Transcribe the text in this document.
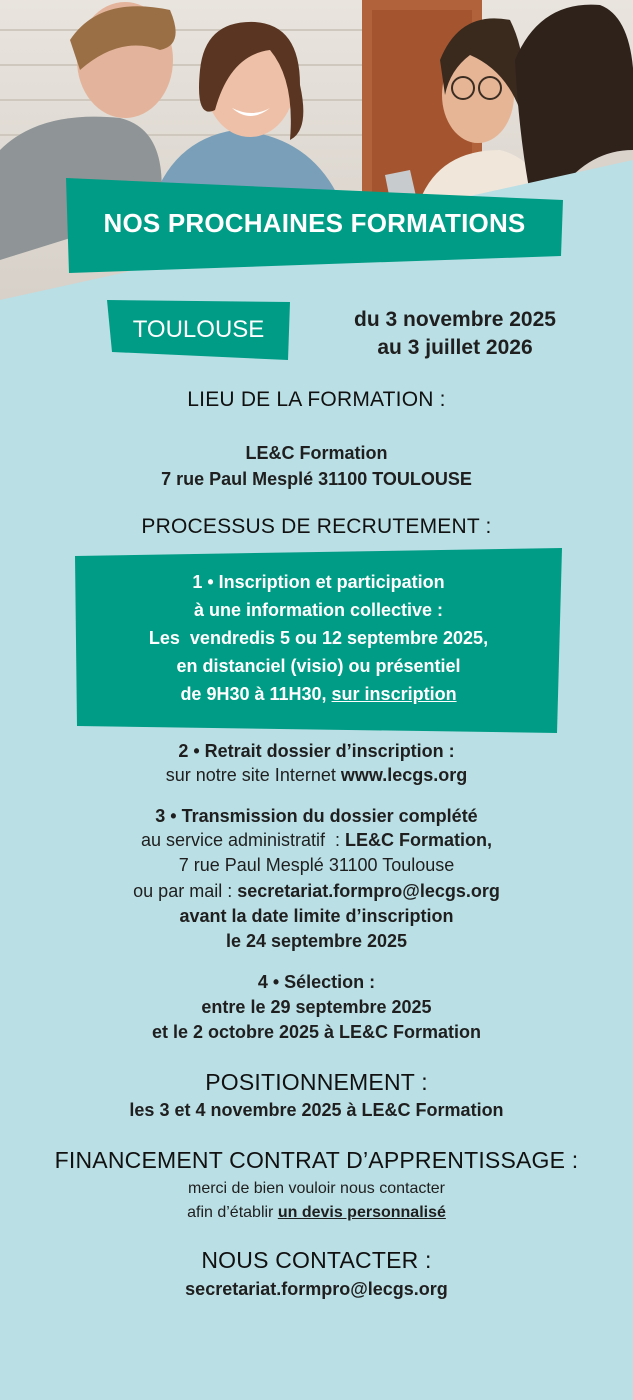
NOS PROCHAINES FORMATIONS
TOULOUSE	du 3 novembre 2025
au 3 juillet 2026
LIEU DE LA FORMATION :
LE&C Formation
7 rue Paul Mesplé 31100 TOULOUSE
PROCESSUS DE RECRUTEMENT :
1 • Inscription et participation
à une information collective :
Les  vendredis 5 ou 12 septembre 2025,
en distanciel (visio) ou présentiel
de 9H30 à 11H30, sur inscription
2 • Retrait dossier d’inscription :
sur notre site Internet www.lecgs.org
3 • Transmission du dossier complété
au service administratif  : LE&C Formation,
7 rue Paul Mesplé 31100 Toulouse
ou par mail : secretariat.formpro@lecgs.org
avant la date limite d’inscription
le 24 septembre 2025
4 • Sélection :
entre le 29 septembre 2025
et le 2 octobre 2025 à LE&C Formation
POSITIONNEMENT :
les 3 et 4 novembre 2025 à LE&C Formation
FINANCEMENT CONTRAT D’APPRENTISSAGE :
merci de bien vouloir nous contacter
afin d’établir un devis personnalisé
NOUS CONTACTER :
secretariat.formpro@lecgs.org
